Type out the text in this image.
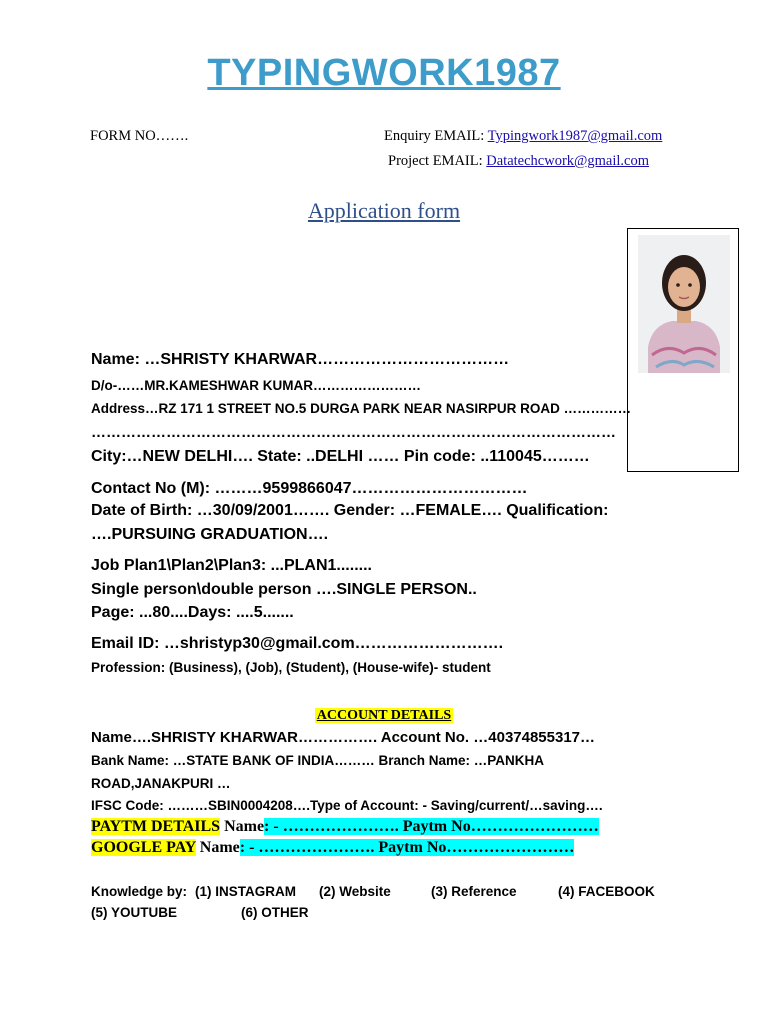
TYPINGWORK1987
FORM NO…….	Enquiry EMAIL: Typingwork1987@gmail.com
Project EMAIL: Datatechcwork@gmail.com
Application form
Name: …SHRISTY KHARWAR………………………………
D/o-……MR.KAMESHWAR KUMAR……………………
Address…RZ 171 1 STREET NO.5 DURGA PARK NEAR NASIRPUR ROAD ……………
……………………………………………………………………………………………
City:…NEW DELHI…. State: ..DELHI …… Pin code: ..110045………
Contact No (M): ………9599866047……………………………
Date of Birth: …30/09/2001……. Gender: …FEMALE…. Qualification:
….PURSUING GRADUATION….
Job Plan1\Plan2\Plan3: ...PLAN1........
Single person\double person ….SINGLE PERSON..
Page: ...80....Days: ....5.......
Email ID: …shristyp30@gmail.com……………………….
Profession: (Business), (Job), (Student), (House-wife)- student
ACCOUNT DETAILS
Name….SHRISTY KHARWAR……………. Account No. …40374855317…
Bank Name: …STATE BANK OF INDIA……… Branch Name: …PANKHA
ROAD,JANAKPURI …
IFSC Code: ………SBIN0004208….Type of Account: - Saving/current/…saving….
PAYTM DETAILS Name: - …………………. Paytm No……………………
GOOGLE PAY Name: - …………………. Paytm No……………………
Knowledge by: (1) INSTAGRAM (2) Website	(3) Reference	(4) FACEBOOK
(5) YOUTUBE	(6) OTHER
